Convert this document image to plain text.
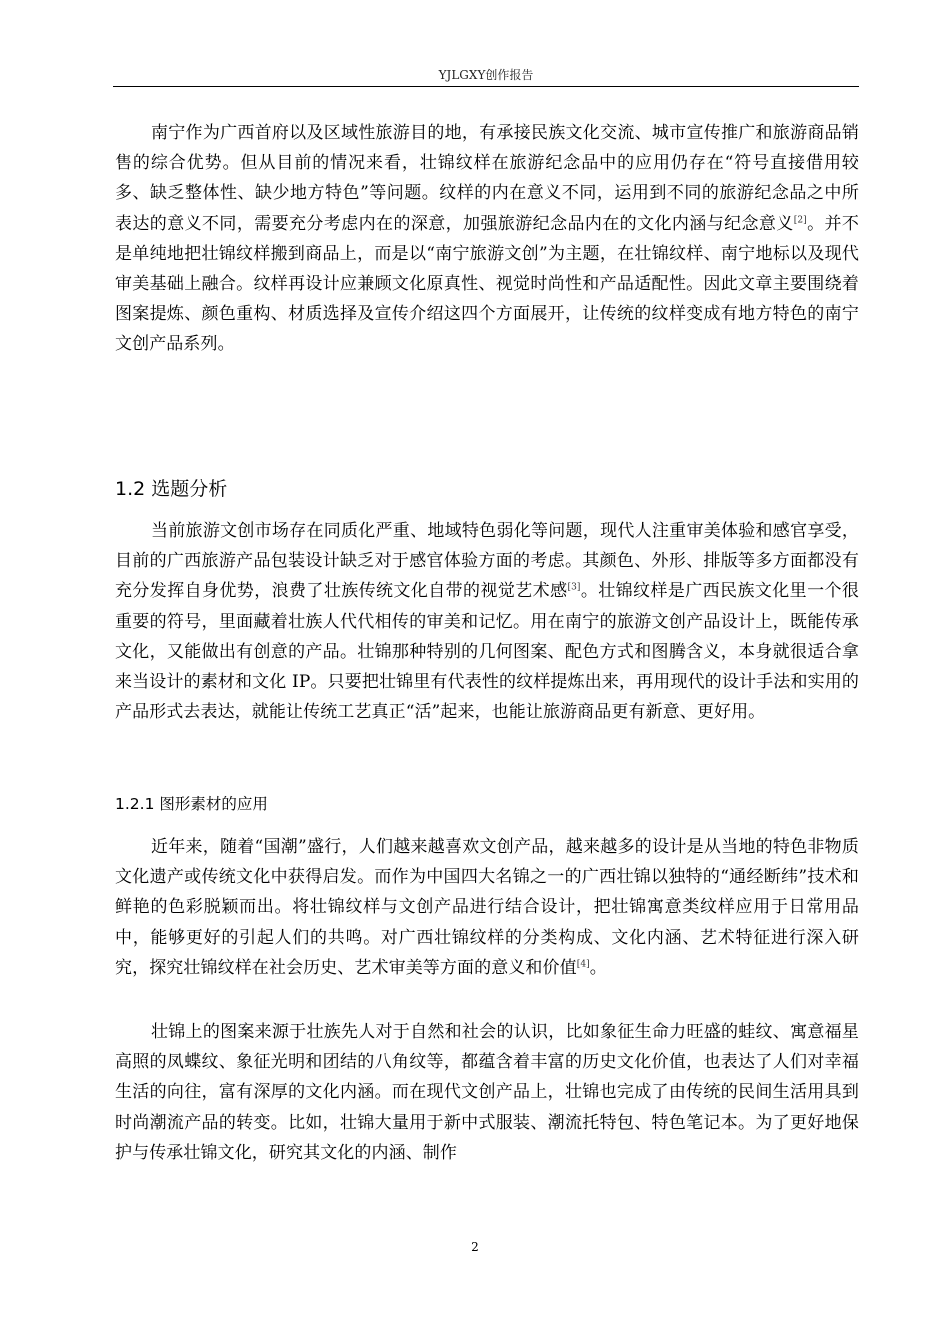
YJLGXY创作报告

南宁作为广西首府以及区域性旅游目的地，有承接民族文化交流、城市宣传推广和旅游商品销售的综合优势。但从目前的情况来看，壮锦纹样在旅游纪念品中的应用仍存在“符号直接借用较多、缺乏整体性、缺少地方特色”等问题。纹样的内在意义不同，运用到不同的旅游纪念品之中所表达的意义不同，需要充分考虑内在的深意，加强旅游纪念品内在的文化内涵与纪念意义[2]。并不是单纯地把壮锦纹样搬到商品上，而是以“南宁旅游文创”为主题，在壮锦纹样、南宁地标以及现代审美基础上融合。纹样再设计应兼顾文化原真性、视觉时尚性和产品适配性。因此文章主要围绕着图案提炼、颜色重构、材质选择及宣传介绍这四个方面展开，让传统的纹样变成有地方特色的南宁文创产品系列。

1.2 选题分析

当前旅游文创市场存在同质化严重、地域特色弱化等问题，现代人注重审美体验和感官享受，目前的广西旅游产品包装设计缺乏对于感官体验方面的考虑。其颜色、外形、排版等多方面都没有充分发挥自身优势，浪费了壮族传统文化自带的视觉艺术感[3]。壮锦纹样是广西民族文化里一个很重要的符号，里面藏着壮族人代代相传的审美和记忆。用在南宁的旅游文创产品设计上，既能传承文化，又能做出有创意的产品。壮锦那种特别的几何图案、配色方式和图腾含义，本身就很适合拿来当设计的素材和文化 IP。只要把壮锦里有代表性的纹样提炼出来，再用现代的设计手法和实用的产品形式去表达，就能让传统工艺真正“活”起来，也能让旅游商品更有新意、更好用。

1.2.1 图形素材的应用

近年来，随着“国潮”盛行，人们越来越喜欢文创产品，越来越多的设计是从当地的特色非物质文化遗产或传统文化中获得启发。而作为中国四大名锦之一的广西壮锦以独特的“通经断纬”技术和鲜艳的色彩脱颖而出。将壮锦纹样与文创产品进行结合设计，把壮锦寓意类纹样应用于日常用品中，能够更好的引起人们的共鸣。对广西壮锦纹样的分类构成、文化内涵、艺术特征进行深入研究，探究壮锦纹样在社会历史、艺术审美等方面的意义和价值[4]。

壮锦上的图案来源于壮族先人对于自然和社会的认识，比如象征生命力旺盛的蛙纹、寓意福星高照的凤蝶纹、象征光明和团结的八角纹等，都蕴含着丰富的历史文化价值，也表达了人们对幸福生活的向往，富有深厚的文化内涵。而在现代文创产品上，壮锦也完成了由传统的民间生活用具到时尚潮流产品的转变。比如，壮锦大量用于新中式服装、潮流托特包、特色笔记本。为了更好地保护与传承壮锦文化，研究其文化的内涵、制作

2
